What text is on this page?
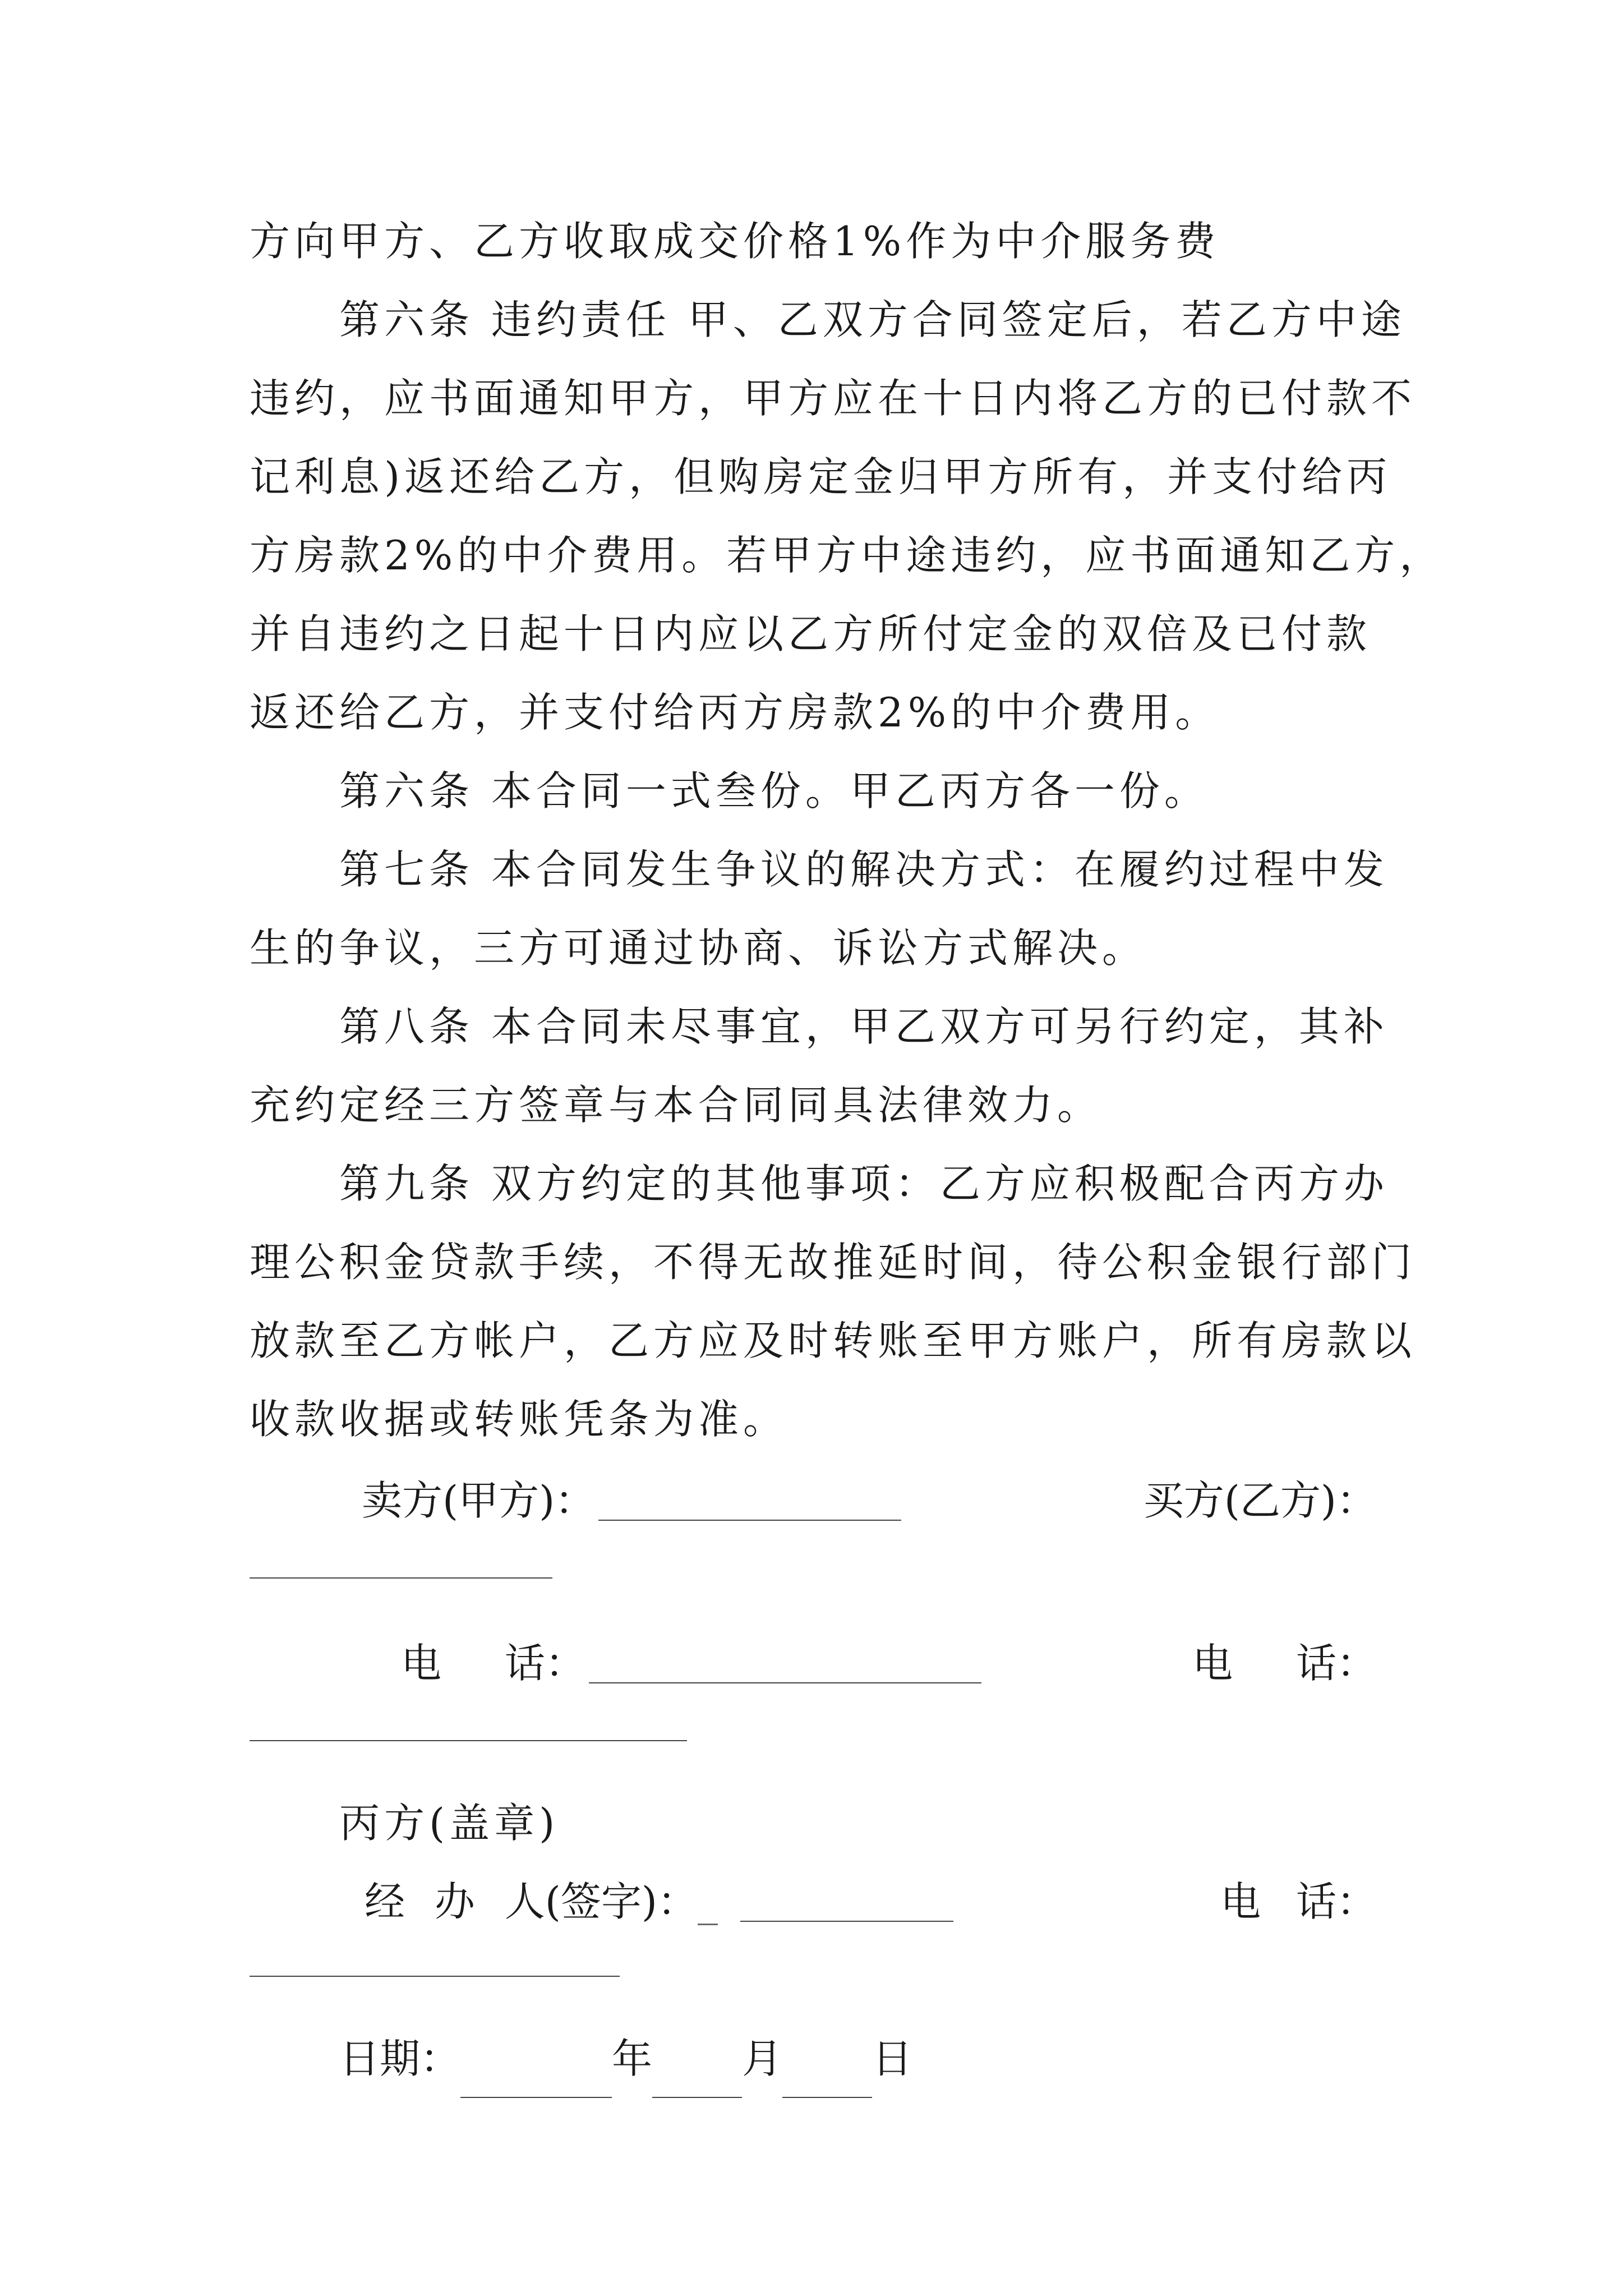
方向甲方、乙方收取成交价格1%作为中介服务费
第六条 违约责任 甲、乙双方合同签定后，若乙方中途
违约，应书面通知甲方，甲方应在十日内将乙方的已付款不
记利息)返还给乙方，但购房定金归甲方所有，并支付给丙
方房款2%的中介费用。若甲方中途违约，应书面通知乙方，
并自违约之日起十日内应以乙方所付定金的双倍及已付款
返还给乙方，并支付给丙方房款2%的中介费用。
第六条 本合同一式叁份。甲乙丙方各一份。
第七条 本合同发生争议的解决方式：在履约过程中发
生的争议，三方可通过协商、诉讼方式解决。
第八条 本合同未尽事宜，甲乙双方可另行约定，其补
充约定经三方签章与本合同同具法律效力。
第九条 双方约定的其他事项：乙方应积极配合丙方办
理公积金贷款手续，不得无故推延时间，待公积金银行部门
放款至乙方帐户，乙方应及时转账至甲方账户，所有房款以
收款收据或转账凭条为准。
卖方(甲方)：	买方(乙方)：
电 话：	电 话：
丙方(盖章)
经 办 人(签字)： _	电 话：
日期：	年 月 日
